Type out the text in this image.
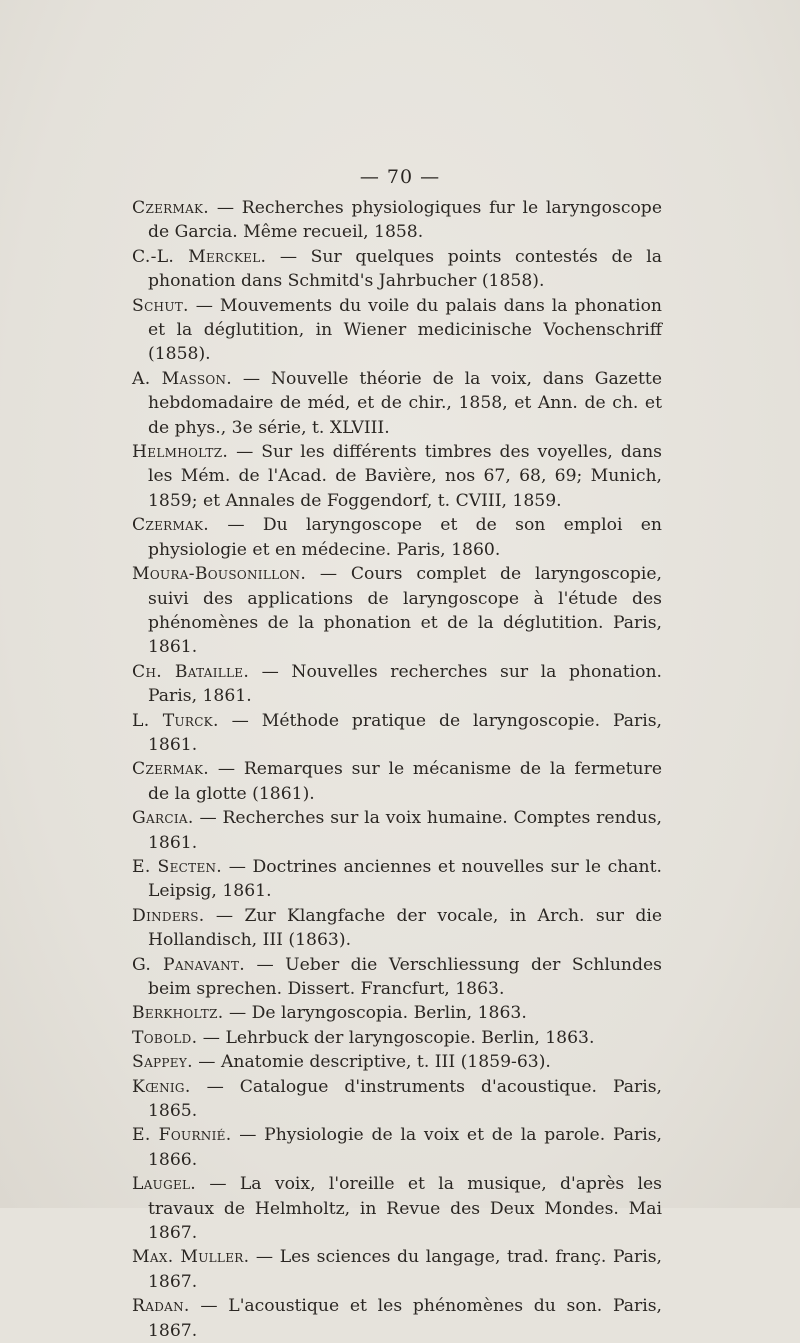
— 70 —

Czermak. — Recherches physiologiques fur le laryngoscope de Garcia. Même recueil, 1858.

C.-L. Merckel. — Sur quelques points contestés de la phonation dans Schmitd's Jahrbucher (1858).

Schut. — Mouvements du voile du palais dans la phonation et la déglutition, in Wiener medicinische Vochenschriff (1858).

A. Masson. — Nouvelle théorie de la voix, dans Gazette hebdomadaire de méd, et de chir., 1858, et Ann. de ch. et de phys., 3e série, t. XLVIII.

Helmholtz. — Sur les différents timbres des voyelles, dans les Mém. de l'Acad. de Bavière, nos 67, 68, 69; Munich, 1859; et Annales de Foggendorf, t. CVIII, 1859.

Czermak. — Du laryngoscope et de son emploi en physiologie et en médecine. Paris, 1860.

Moura-Bousonillon. — Cours complet de laryngoscopie, suivi des applications de laryngoscope à l'étude des phénomènes de la phonation et de la déglutition. Paris, 1861.

Ch. Bataille. — Nouvelles recherches sur la phonation. Paris, 1861.

L. Turck. — Méthode pratique de laryngoscopie. Paris, 1861.

Czermak. — Remarques sur le mécanisme de la fermeture de la glotte (1861).

Garcia. — Recherches sur la voix humaine. Comptes rendus, 1861.

E. Secten. — Doctrines anciennes et nouvelles sur le chant. Leipsig, 1861.

Dinders. — Zur Klangfache der vocale, in Arch. sur die Hollandisch, III (1863).

G. Panavant. — Ueber die Verschliessung der Schlundes beim sprechen. Dissert. Francfurt, 1863.

Berkholtz. — De laryngoscopia. Berlin, 1863.

Tobold. — Lehrbuck der laryngoscopie. Berlin, 1863.

Sappey. — Anatomie descriptive, t. III (1859-63).

Kœnig. — Catalogue d'instruments d'acoustique. Paris, 1865.

E. Fournié. — Physiologie de la voix et de la parole. Paris, 1866.

Laugel. — La voix, l'oreille et la musique, d'après les travaux de Helmholtz, in Revue des Deux Mondes. Mai 1867.

Max. Muller. — Les sciences du langage, trad. franç. Paris, 1867.

Radan. — L'acoustique et les phénomènes du son. Paris, 1867.
